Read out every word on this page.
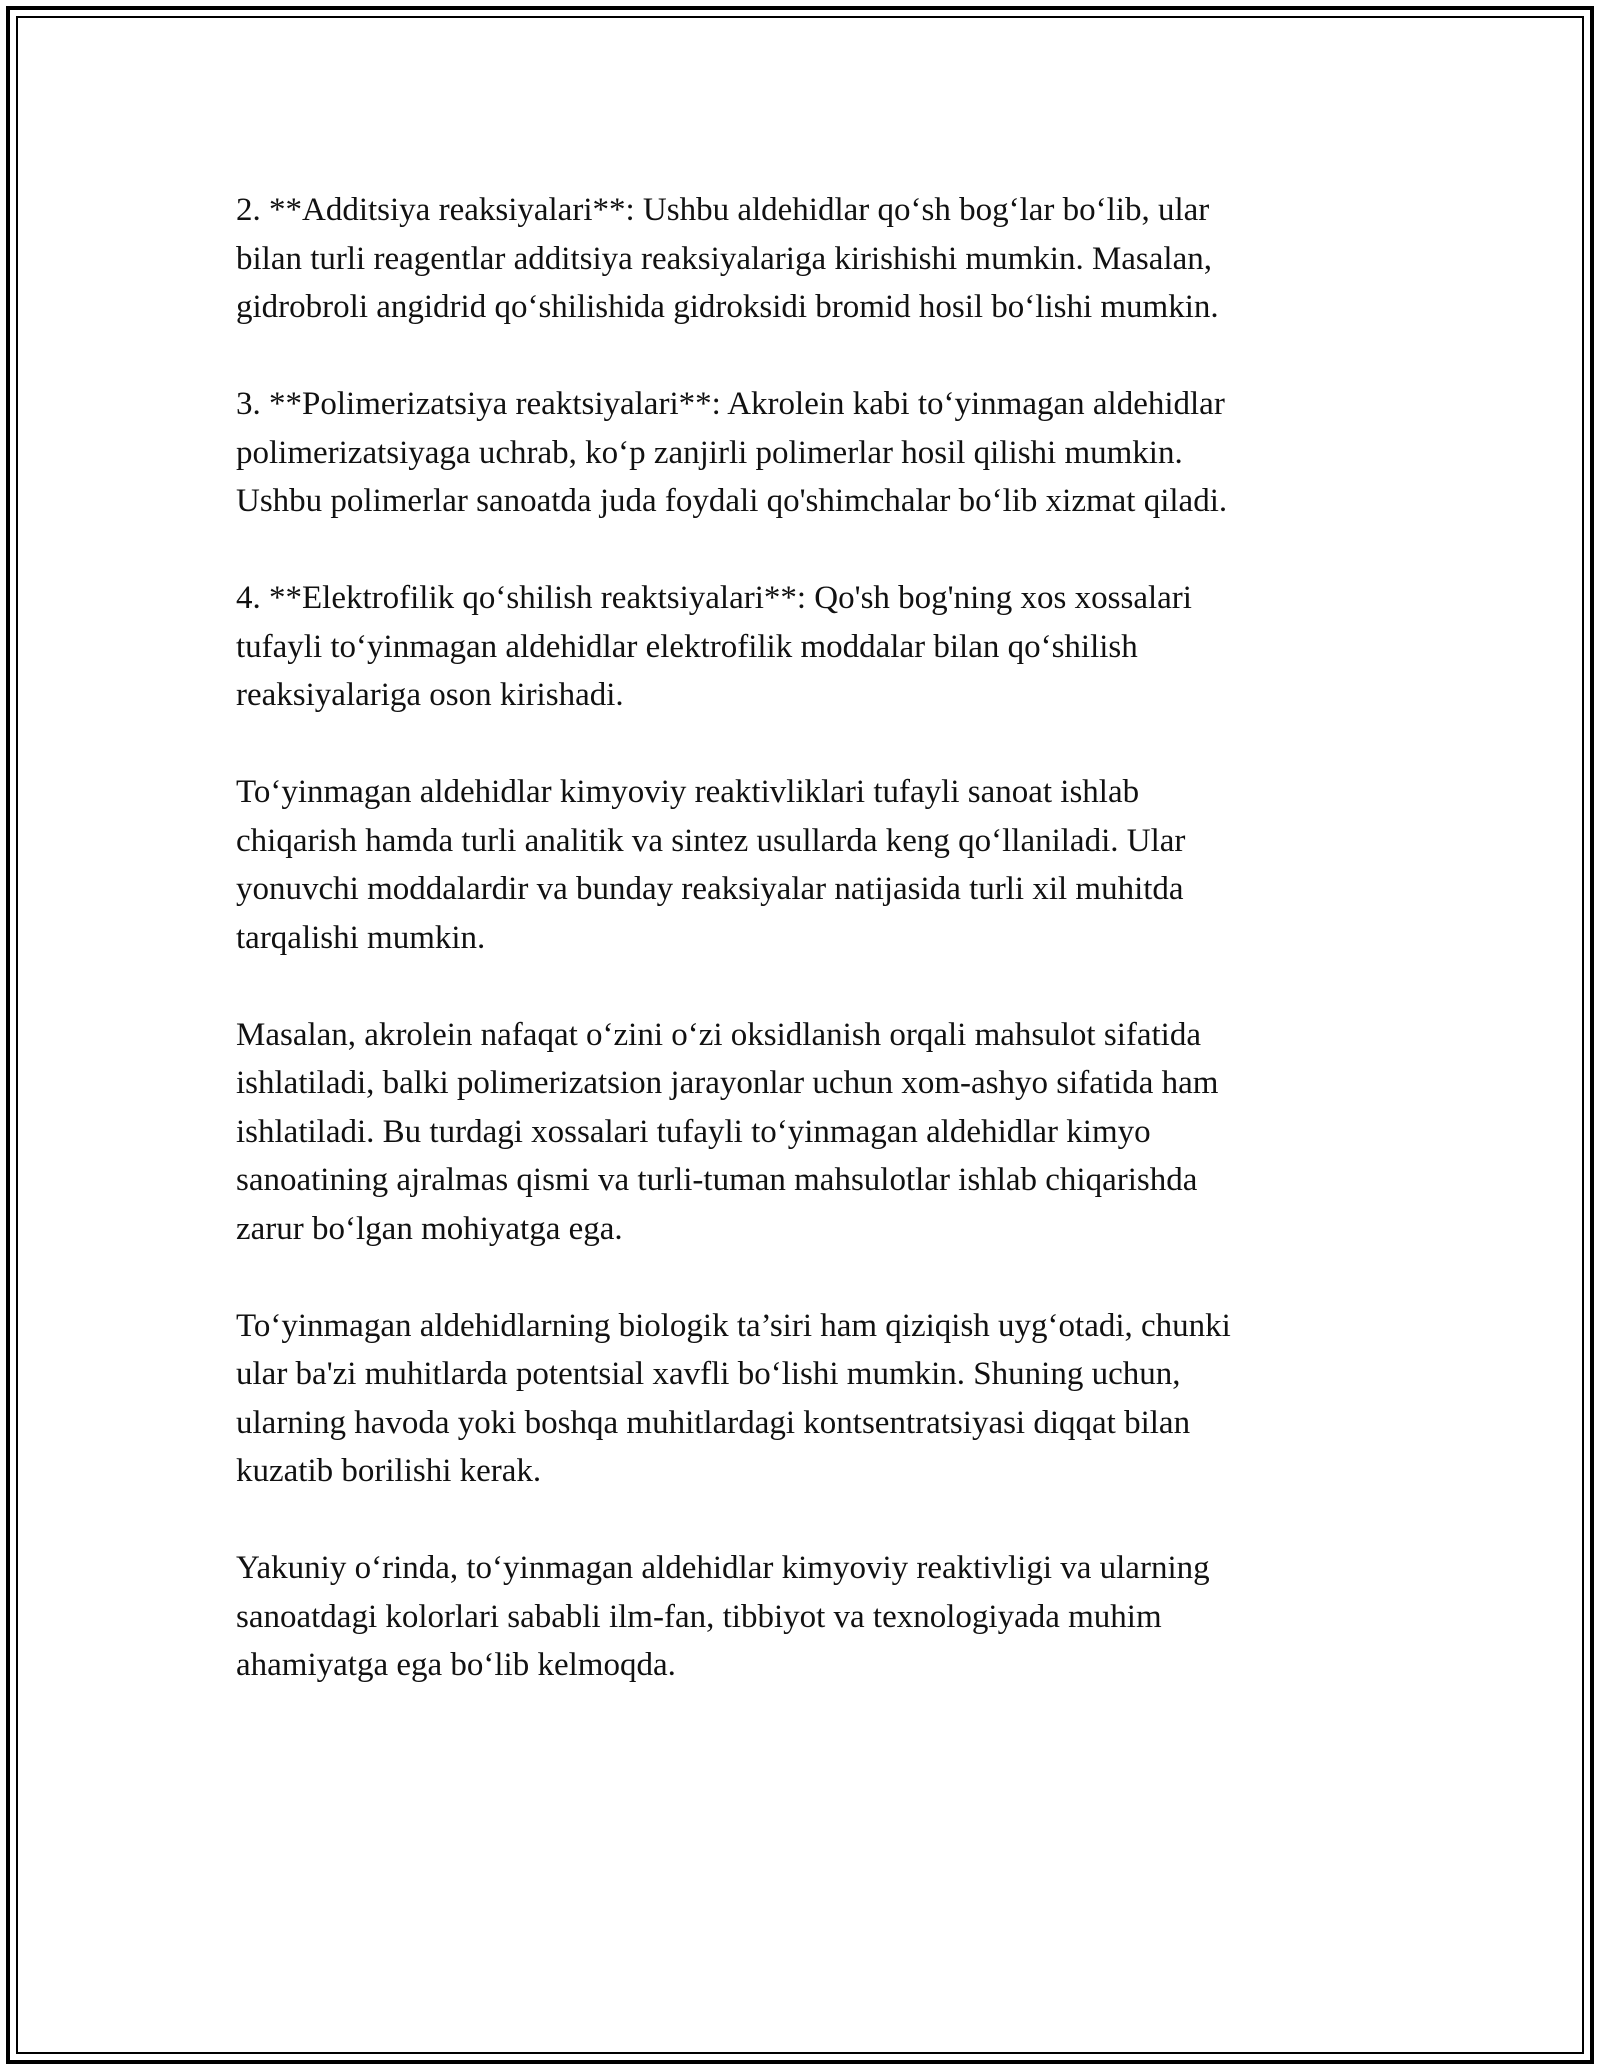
2. **Additsiya reaksiyalari**: Ushbu aldehidlar qo‘sh bog‘lar bo‘lib, ular
bilan turli reagentlar additsiya reaksiyalariga kirishishi mumkin. Masalan,
gidrobroli angidrid qo‘shilishida gidroksidi bromid hosil bo‘lishi mumkin.

3. **Polimerizatsiya reaktsiyalari**: Akrolein kabi to‘yinmagan aldehidlar
polimerizatsiyaga uchrab, ko‘p zanjirli polimerlar hosil qilishi mumkin.
Ushbu polimerlar sanoatda juda foydali qo'shimchalar bo‘lib xizmat qiladi.

4. **Elektrofilik qo‘shilish reaktsiyalari**: Qo'sh bog'ning xos xossalari
tufayli to‘yinmagan aldehidlar elektrofilik moddalar bilan qo‘shilish
reaksiyalariga oson kirishadi.

To‘yinmagan aldehidlar kimyoviy reaktivliklari tufayli sanoat ishlab
chiqarish hamda turli analitik va sintez usullarda keng qo‘llaniladi. Ular
yonuvchi moddalardir va bunday reaksiyalar natijasida turli xil muhitda
tarqalishi mumkin.

Masalan, akrolein nafaqat o‘zini o‘zi oksidlanish orqali mahsulot sifatida
ishlatiladi, balki polimerizatsion jarayonlar uchun xom-ashyo sifatida ham
ishlatiladi. Bu turdagi xossalari tufayli to‘yinmagan aldehidlar kimyo
sanoatining ajralmas qismi va turli-tuman mahsulotlar ishlab chiqarishda
zarur bo‘lgan mohiyatga ega.

To‘yinmagan aldehidlarning biologik ta’siri ham qiziqish uyg‘otadi, chunki
ular ba'zi muhitlarda potentsial xavfli bo‘lishi mumkin. Shuning uchun,
ularning havoda yoki boshqa muhitlardagi kontsentratsiyasi diqqat bilan
kuzatib borilishi kerak.

Yakuniy o‘rinda, to‘yinmagan aldehidlar kimyoviy reaktivligi va ularning
sanoatdagi kolorlari sababli ilm-fan, tibbiyot va texnologiyada muhim
ahamiyatga ega bo‘lib kelmoqda.
